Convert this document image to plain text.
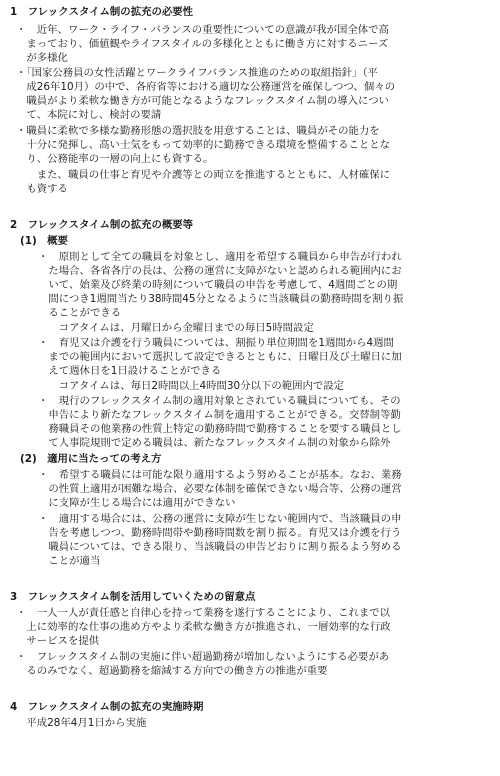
1　フレックスタイム制の拡充の必要性

・　近年、ワーク・ライフ・バランスの重要性についての意識が我が国全体で高

　まっており、価値観やライフスタイルの多様化とともに働き方に対するニーズ

　が多様化

・「国家公務員の女性活躍とワークライフバランス推進のための取組指針」（平

　成26年10月）の中で、各府省等における適切な公務運営を確保しつつ、個々の

　職員がより柔軟な働き方が可能となるようなフレックスタイム制の導入につい

　て、本院に対し、検討の要請

・職員に柔軟で多様な勤務形態の選択肢を用意することは、職員がその能力を

　十分に発揮し、高い士気をもって効率的に勤務できる環境を整備することとな

　り、公務能率の一層の向上にも資する。

　　また、職員の仕事と育児や介護等との両立を推進するとともに、人材確保に

　も資する

2　フレックスタイム制の拡充の概要等

(1)　概要

・　原則として全ての職員を対象とし、適用を希望する職員から申告が行われ

　た場合、各省各庁の長は、公務の運営に支障がないと認められる範囲内にお

　いて、始業及び終業の時刻について職員の申告を考慮して、4週間ごとの期

　間につき1週間当たり38時間45分となるように当該職員の勤務時間を割り振

　ることができる

　　コアタイムは、月曜日から金曜日までの毎日5時間設定

・　育児又は介護を行う職員については、割振り単位期間を1週間から4週間

　までの範囲内において選択して設定できるとともに、日曜日及び土曜日に加

　えて週休日を1日設けることができる

　　コアタイムは、毎日2時間以上4時間30分以下の範囲内で設定

・　現行のフレックスタイム制の適用対象とされている職員についても、その

　申告により新たなフレックスタイム制を適用することができる。交替制等勤

　務職員その他業務の性質上特定の勤務時間で勤務することを要する職員とし

　て人事院規則で定める職員は、新たなフレックスタイム制の対象から除外

(2)　適用に当たっての考え方

・　希望する職員には可能な限り適用するよう努めることが基本。なお、業務

　の性質上適用が困難な場合、必要な体制を確保できない場合等、公務の運営

　に支障が生じる場合には適用ができない

・　適用する場合には、公務の運営に支障が生じない範囲内で、当該職員の申

　告を考慮しつつ、勤務時間帯や勤務時間数を割り振る。育児又は介護を行う

　職員については、できる限り、当該職員の申告どおりに割り振るよう努める

　ことが適当

3　フレックスタイム制を活用していくための留意点

・　一人一人が責任感と自律心を持って業務を遂行することにより、これまで以

　上に効率的な仕事の進め方やより柔軟な働き方が推進され、一層効率的な行政

　サービスを提供

・　フレックスタイム制の実施に伴い超過勤務が増加しないようにする必要があ

　るのみでなく、超過勤務を縮減する方向での働き方の推進が重要

4　フレックスタイム制の拡充の実施時期

　平成28年4月1日から実施
